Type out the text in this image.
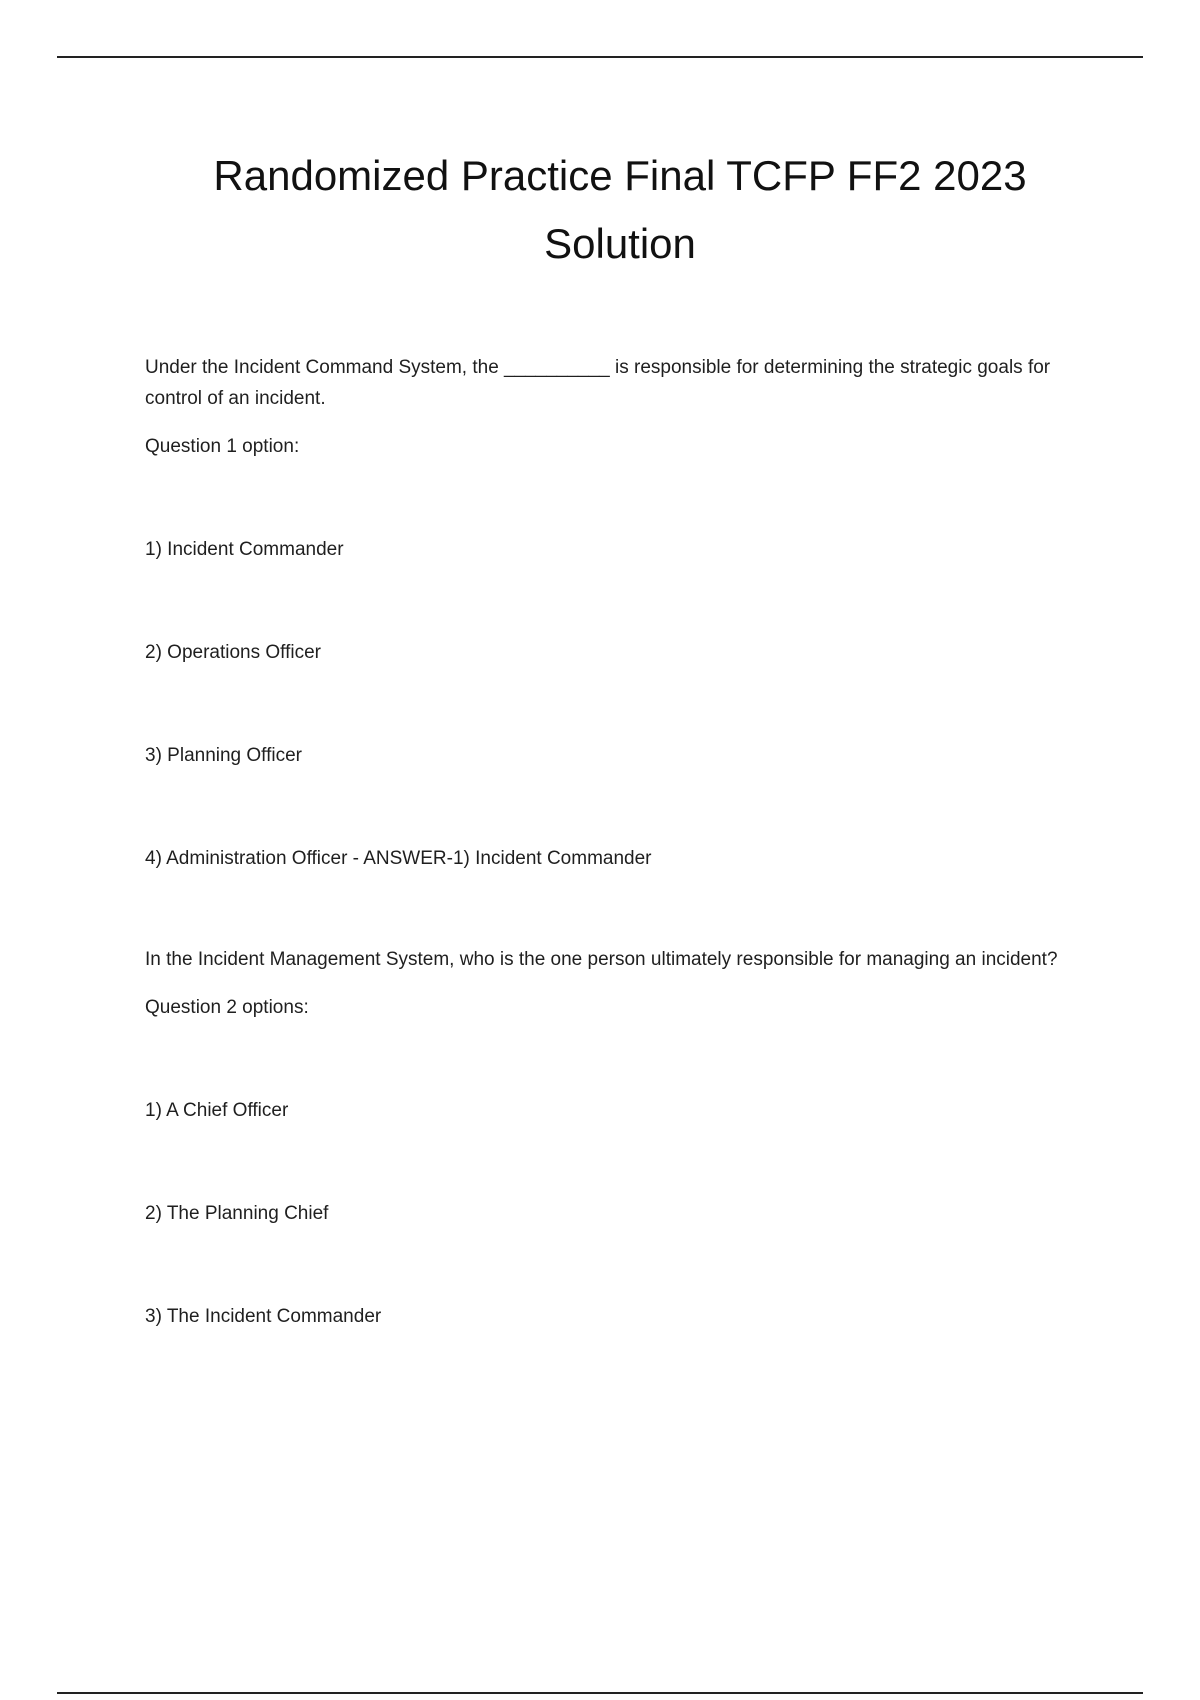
Randomized Practice Final TCFP FF2 2023
Solution

Under the Incident Command System, the __________ is responsible for determining the strategic goals for control of an incident.

Question 1 option:

1) Incident Commander

2) Operations Officer

3) Planning Officer

4) Administration Officer - ANSWER-1) Incident Commander

In the Incident Management System, who is the one person ultimately responsible for managing an incident?

Question 2 options:

1) A Chief Officer

2) The Planning Chief

3) The Incident Commander
